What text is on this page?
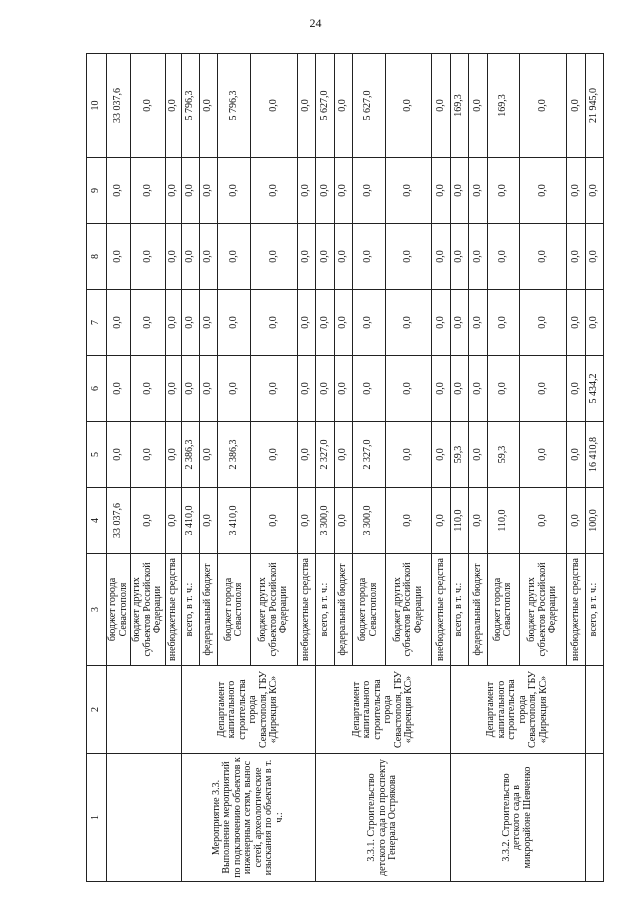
24
1	2	3	4	5	6	7	8	9	10
		бюджет города Севастополя	33 037,6	0,0	0,0	0,0	0,0	0,0	33 037,6
		бюджет других субъектов Российской Федерации	0,0	0,0	0,0	0,0	0,0	0,0	0,0
		внебюджетные средства	0,0	0,0	0,0	0,0	0,0	0,0	0,0
Мероприятие 3.3. Выполнение мероприятий по подключению объектов к инженерным сетям, вынос сетей, археологические изыскания по объектам в т. ч.:	Департамент капитального строительства города Севастополя, ГБУ «Дирекция КС»	всего, в т. ч.:	3 410,0	2 386,3	0,0	0,0	0,0	0,0	5 796,3
		федеральный бюджет	0,0	0,0	0,0	0,0	0,0	0,0	0,0
		бюджет города Севастополя	3 410,0	2 386,3	0,0	0,0	0,0	0,0	5 796,3
		бюджет других субъектов Российской Федерации	0,0	0,0	0,0	0,0	0,0	0,0	0,0
		внебюджетные средства	0,0	0,0	0,0	0,0	0,0	0,0	0,0
3.3.1. Строительство детского сада по проспекту Генерала Острякова	Департамент капитального строительства города Севастополя, ГБУ «Дирекция КС»	всего, в т. ч.:	3 300,0	2 327,0	0,0	0,0	0,0	0,0	5 627,0
		федеральный бюджет	0,0	0,0	0,0	0,0	0,0	0,0	0,0
		бюджет города Севастополя	3 300,0	2 327,0	0,0	0,0	0,0	0,0	5 627,0
		бюджет других субъектов Российской Федерации	0,0	0,0	0,0	0,0	0,0	0,0	0,0
		внебюджетные средства	0,0	0,0	0,0	0,0	0,0	0,0	0,0
3.3.2. Строительство детского сада в микрорайоне Шевченко	Департамент капитального строительства города Севастополя, ГБУ «Дирекция КС»	всего, в т. ч.:	110,0	59,3	0,0	0,0	0,0	0,0	169,3
		федеральный бюджет	0,0	0,0	0,0	0,0	0,0	0,0	0,0
		бюджет города Севастополя	110,0	59,3	0,0	0,0	0,0	0,0	169,3
		бюджет других субъектов Российской Федерации	0,0	0,0	0,0	0,0	0,0	0,0	0,0
		внебюджетные средства	0,0	0,0	0,0	0,0	0,0	0,0	0,0
		всего, в т. ч.:	100,0	16 410,8	5 434,2	0,0	0,0	0,0	21 945,0
